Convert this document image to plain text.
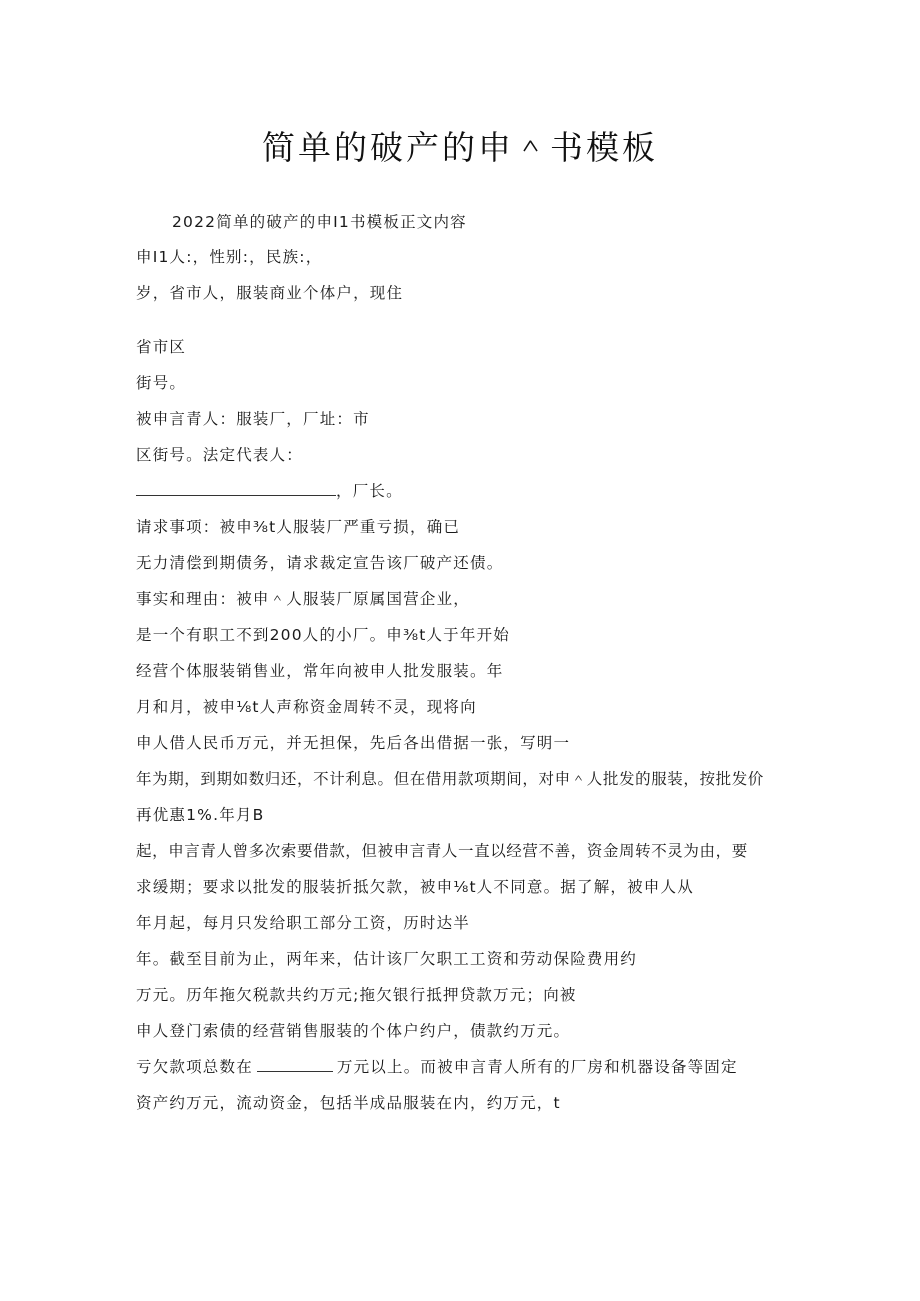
简单的破产的申＾书模板
2022简单的破产的申I1书模板正文内容
申I1人:，性别:，民族:，
岁，省市人，服装商业个体户，现住
省市区
街号。
被申言青人：服装厂，厂址：市
区街号。法定代表人：
，厂长。
请求事项：被申⅜t人服装厂严重亏损，确已
无力清偿到期债务，请求裁定宣告该厂破产还债。
事实和理由：被申＾人服装厂原属国营企业，
是一个有职工不到200人的小厂。申⅜t人于年开始
经营个体服装销售业，常年向被申人批发服装。年
月和月，被申⅛t人声称资金周转不灵，现将向
申人借人民币万元，并无担保，先后各出借据一张，写明一
年为期，到期如数归还，不计利息。但在借用款项期间，对申＾人批发的服装，按批发价
再优惠1%.年月B
起，申言青人曾多次索要借款，但被申言青人一直以经营不善，资金周转不灵为由，要
求缓期；要求以批发的服装折抵欠款，被申⅛t人不同意。据了解，被申人从
年月起，每月只发给职工部分工资，历时达半
年。截至目前为止，两年来，估计该厂欠职工工资和劳动保险费用约
万元。历年拖欠税款共约万元;拖欠银行抵押贷款万元；向被
申人登门索债的经营销售服装的个体户约户，债款约万元。
亏欠款项总数在	万元以上。而被申言青人所有的厂房和机器设备等固定
资产约万元，流动资金，包括半成品服装在内，约万元，t
